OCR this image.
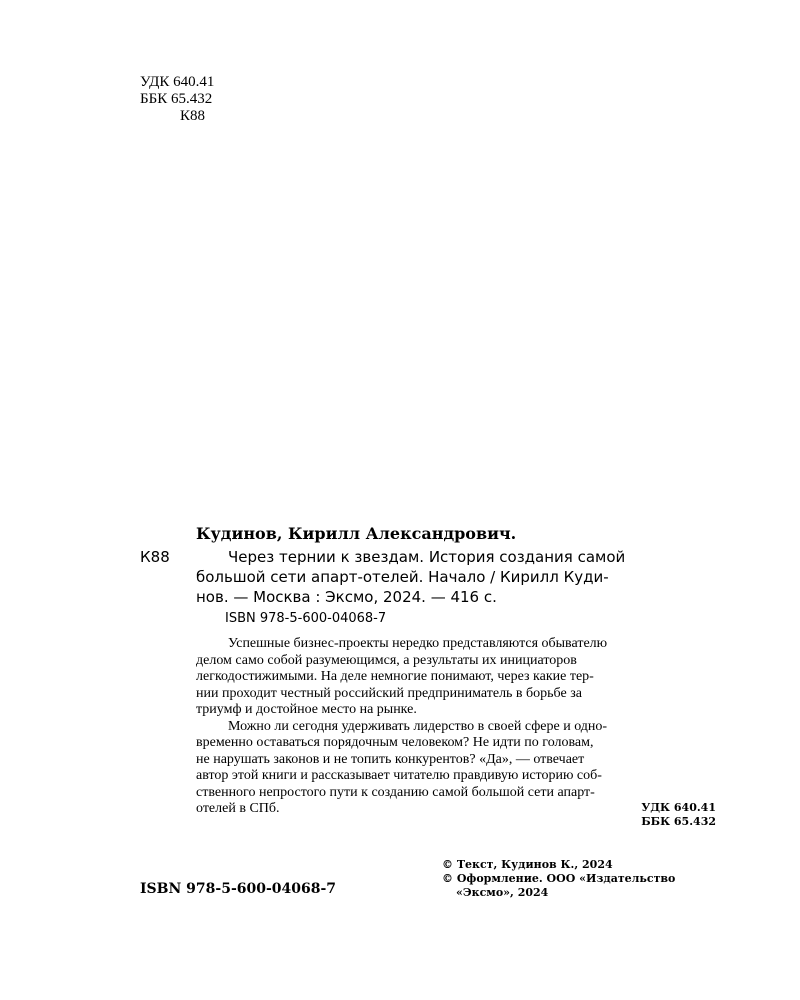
УДК 640.41
ББК 65.432
К88
Кудинов, Кирилл Александрович.
К88	Через тернии к звездам. История создания самой
большой сети апарт-отелей. Начало / Кирилл Куди-
нов. — Москва : Эксмо, 2024. — 416 с.
ISBN 978-5-600-04068-7
Успешные бизнес-проекты нередко представляются обывателю
делом само собой разумеющимся, а результаты их инициаторов
легкодостижимыми. На деле немногие понимают, через какие тер-
нии проходит честный российский предприниматель в борьбе за
триумф и достойное место на рынке.
Можно ли сегодня удерживать лидерство в своей сфере и одно-
временно оставаться порядочным человеком? Не идти по головам,
не нарушать законов и не топить конкурентов? «Да», — отвечает
автор этой книги и рассказывает читателю правдивую историю соб-
ственного непростого пути к созданию самой большой сети апарт-
отелей в СПб.	УДК 640.41
ББК 65.432
© Текст, Кудинов К., 2024
© Оформление. ООО «Издательство
«Эксмо», 2024
ISBN 978-5-600-04068-7
